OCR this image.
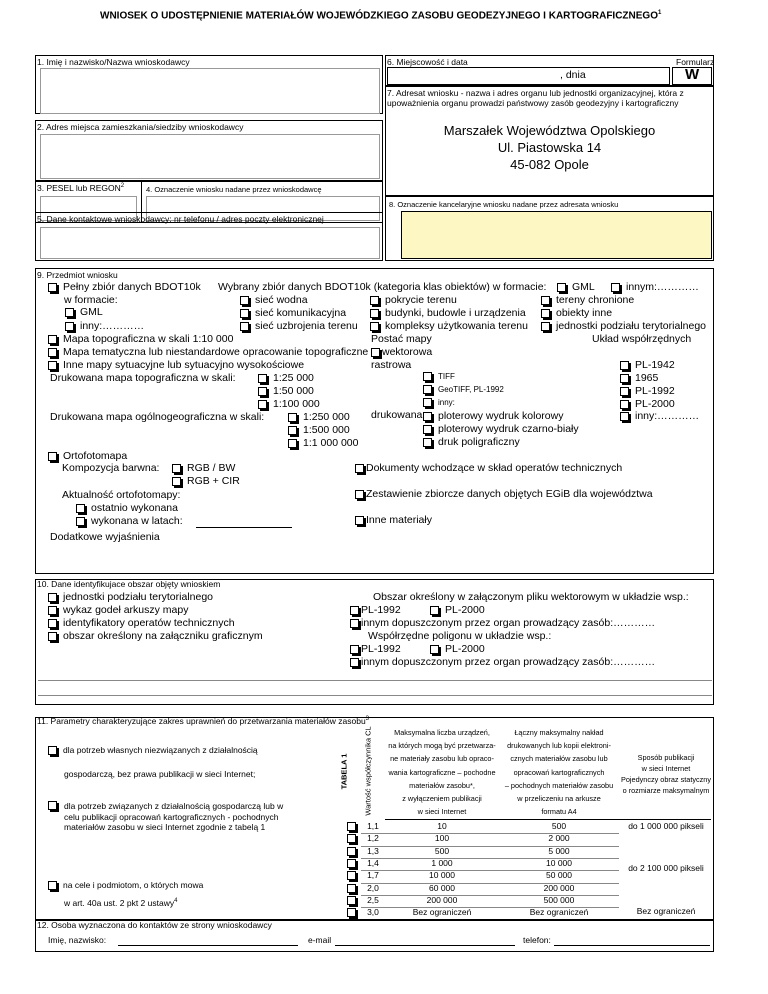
WNIOSEK O UDOSTĘPNIENIE MATERIAŁÓW WOJEWÓDZKIEGO ZASOBU GEODEZYJNEGO I KARTOGRAFICZNEGO$^1$
1. Imię i nazwisko/Nazwa wnioskodawcy	6. Miejscowość i data	Formularz
, dnia	W
7. Adresat wniosku - nazwa i adres organu lub jednostki organizacyjnej, która z upoważnienia organu prowadzi państwowy zasób geodezyjny i kartograficzny
Marszałek Województwa Opolskiego
Ul. Piastowska 14
45-082 Opole
2. Adres miejsca zamieszkania/siedziby wnioskodawcy
3. PESEL lub REGON$^2$	4. Oznaczenie wniosku nadane przez wnioskodawcę
8. Oznaczenie kancelaryjne wniosku nadane przez adresata wniosku
5. Dane kontaktowe wnioskodawcy: nr telefonu / adres poczty elektronicznej
9. Przedmiot wniosku
Pełny zbiór danych BDOT10k
w formacie:
GML
inny:…………
Wybrany zbiór danych BDOT10k (kategoria klas obiektów) w formacie: GML	innym:…………
sieć wodna
sieć komunikacyjna
sieć uzbrojenia terenu
pokrycie terenu
budynki, budowle i urządzenia
kompleksy użytkowania terenu
tereny chronione
obiekty inne
jednostki podziału terytorialnego
Mapa topograficzna w skali 1:10 000
Mapa tematyczna lub niestandardowe opracowanie topograficzne
Inne mapy sytuacyjne lub sytuacyjno wysokościowe
Drukowana mapa topograficzna w skali:	1:25 000
1:50 000
1:100 000
Drukowana mapa ogólnogeograficzna w skali:	1:250 000
1:500 000
1:1 000 000
Postać mapy
wektorowa
rastrowa
TIFF
GeoTIFF, PL-1992
inny:
drukowana ploterowy wydruk kolorowy
ploterowy wydruk czarno-biały
druk poligraficzny
Układ współrzędnych
PL-1942
1965
PL-1992
PL-2000
inny:…………
Ortofotomapa
Kompozycja barwna:	RGB / BW
RGB + CIR
Aktualność ortofotomapy:
ostatnio wykonana
wykonana w latach:
Dokumenty wchodzące w skład operatów technicznych
Zestawienie zbiorcze danych objętych EGiB dla województwa
Inne materiały
Dodatkowe wyjaśnienia
10. Dane identyfikujace obszar objęty wnioskiem
jednostki podziału terytorialnego
wykaz godeł arkuszy mapy
identyfikatory operatów technicznych
obszar określony na załączniku graficznym
Obszar określony w załączonym pliku wektorowym w układzie wsp.:
PL-1992	PL-2000
innym dopuszczonym przez organ prowadzący zasób:…………
Współrzędne poligonu w układzie wsp.:
PL-1992	PL-2000
innym dopuszczonym przez organ prowadzący zasób:…………
11. Parametry charakteryzujące zakres uprawnień do przetwarzania materiałów zasobu$^3$
dla potrzeb własnych niezwiązanych z działalnością
gospodarczą, bez prawa publikacji w sieci Internet;
dla potrzeb związanych z działalnością gospodarczą lub w celu publikacji opracowań kartograficznych - pochodnych materiałów zasobu w sieci Internet zgodnie z tabelą 1
na cele i podmiotom, o których mowa
w art. 40a ust. 2 pkt 2 ustawy$^4$
TABELA 1 Wartość współczynnika CL	Maksymalna liczba urządzeń,
na których mogą być przetwarza-
ne materiały zasobu lub opraco-
wania kartograficzne – pochodne
materiałów zasobu*,
z wyłączeniem publikacji
w sieci Internet
Łączny maksymalny nakład
drukowanych lub kopii elektroni-
cznych materiałów zasobu lub
opracowań kartograficznych
– pochodnych materiałów zasobu
w przeliczeniu na arkusze
formatu A4
Sposób publikacji
w sieci Internet
Pojedynczy obraz statyczny
o rozmiarze maksymalnym
1,1	10	500
1,2	100	2 000
1,3	500	5 000
1,4	1 000	10 000
1,7	10 000	50 000
2,0	60 000	200 000
2,5	200 000	500 000
3,0	Bez ograniczeń	Bez ograniczeń
do 1 000 000 pikseli
do 2 100 000 pikseli
Bez ograniczeń
12. Osoba wyznaczona do kontaktów ze strony wnioskodawcy
Imię, nazwisko:	e-mail	telefon:
